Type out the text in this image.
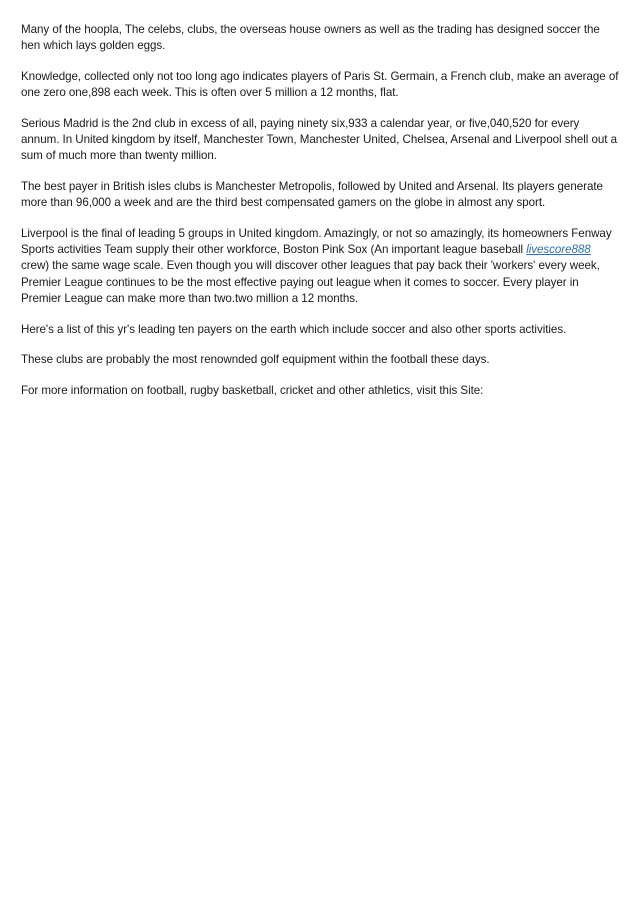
Many of the hoopla, The celebs, clubs, the overseas house owners as well as the trading has designed soccer the hen which lays golden eggs.

Knowledge, collected only not too long ago indicates players of Paris St. Germain, a French club, make an average of one zero one,898 each week. This is often over 5 million a 12 months, flat.

Serious Madrid is the 2nd club in excess of all, paying ninety six,933 a calendar year, or five,040,520 for every annum. In United kingdom by itself, Manchester Town, Manchester United, Chelsea, Arsenal and Liverpool shell out a sum of much more than twenty million.

The best payer in British isles clubs is Manchester Metropolis, followed by United and Arsenal. Its players generate more than 96,000 a week and are the third best compensated gamers on the globe in almost any sport.

Liverpool is the final of leading 5 groups in United kingdom. Amazingly, or not so amazingly, its homeowners Fenway Sports activities Team supply their other workforce, Boston Pink Sox (An important league baseball livescore888 crew) the same wage scale. Even though you will discover other leagues that pay back their 'workers' every week, Premier League continues to be the most effective paying out league when it comes to soccer. Every player in Premier League can make more than two.two million a 12 months.

Here's a list of this yr's leading ten payers on the earth which include soccer and also other sports activities.

These clubs are probably the most renownded golf equipment within the football these days.

For more information on football, rugby basketball, cricket and other athletics, visit this Site:
